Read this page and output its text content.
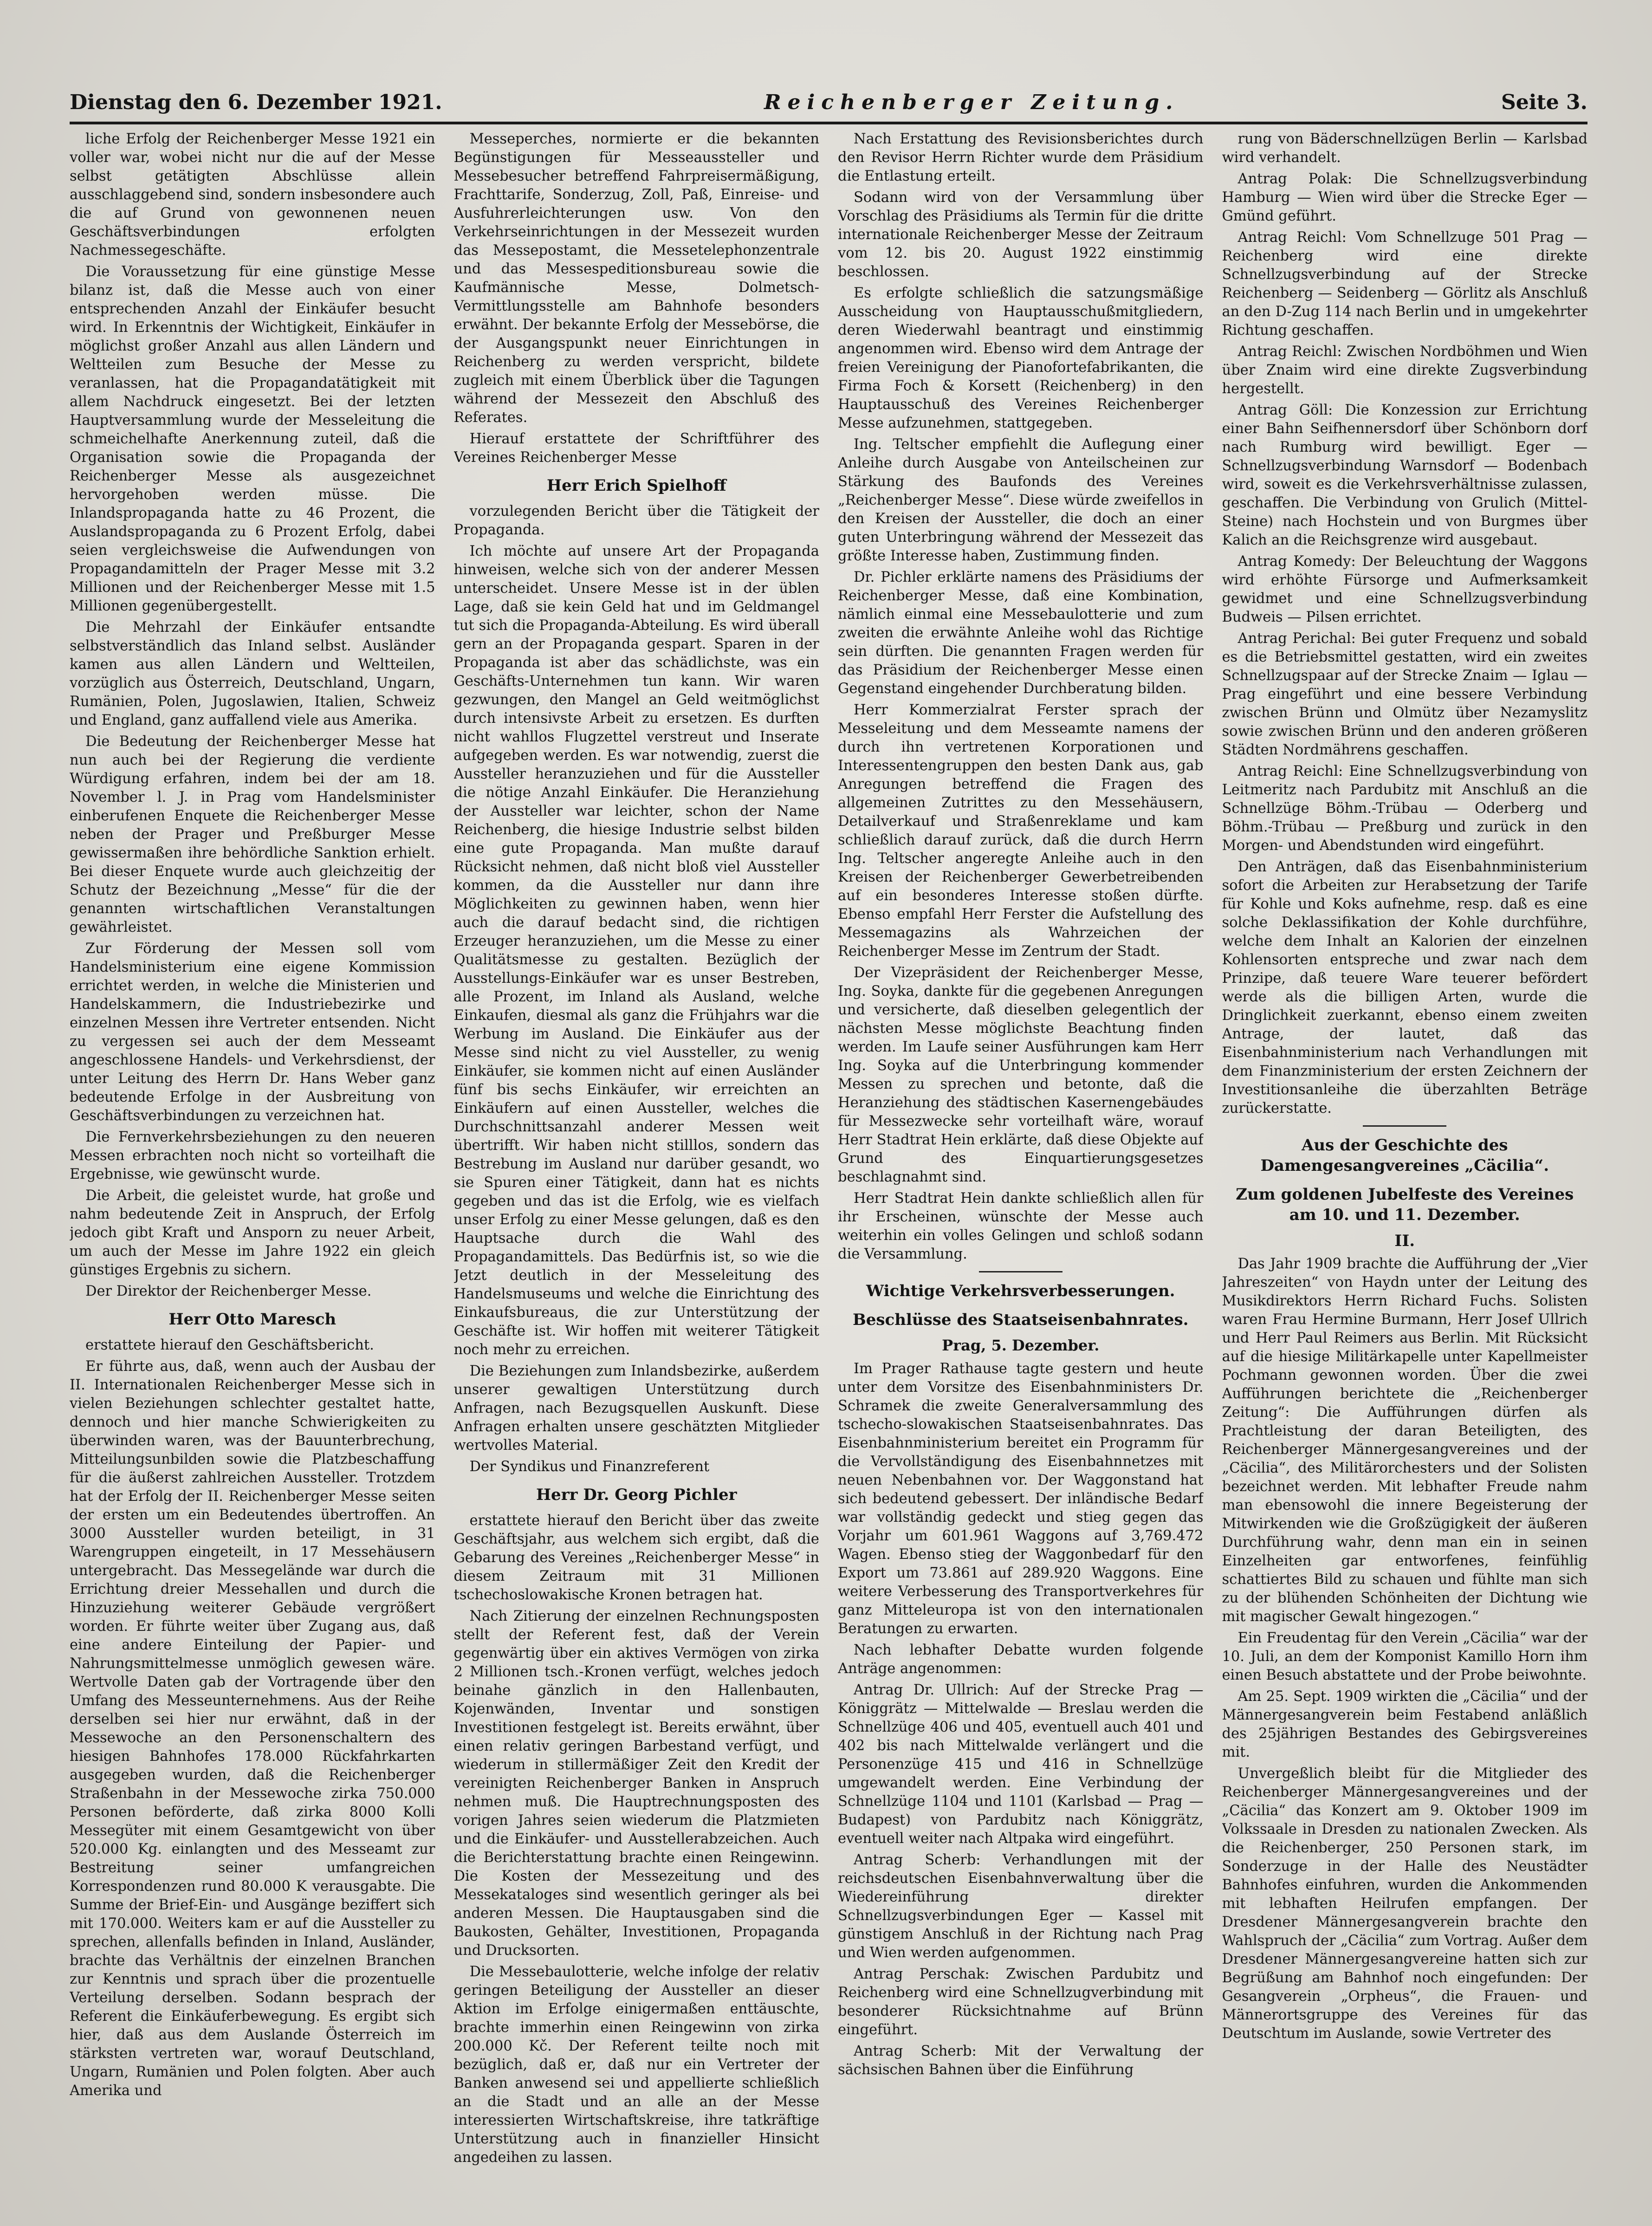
Dienstag den 6. Dezember 1921.	Reichenberger Zeitung.	Seite 3.

liche Erfolg der Reichenberger Messe 1921 ein voller war, wobei nicht nur die auf der Messe selbst getätigten Abschlüsse allein ausschlaggebend sind, sondern insbesondere auch die auf Grund von gewonnenen neuen Geschäftsverbindungen erfolgten Nachmessegeschäfte.

Die Voraussetzung für eine günstige Messe bilanz ist, daß die Messe auch von einer entsprechenden Anzahl der Einkäufer besucht wird. In Erkenntnis der Wichtigkeit, Einkäufer in möglichst großer Anzahl aus allen Ländern und Weltteilen zum Besuche der Messe zu veranlassen, hat die Propagandatätigkeit mit allem Nachdruck eingesetzt. Bei der letzten Hauptversammlung wurde der Messeleitung die schmeichelhafte Anerkennung zuteil, daß die Organisation sowie die Propaganda der Reichenberger Messe als ausgezeichnet hervorgehoben werden müsse. Die Inlandspropaganda hatte zu 46 Prozent, die Auslandspropaganda zu 6 Prozent Erfolg, dabei seien vergleichsweise die Aufwendungen von Propagandamitteln der Prager Messe mit 3.2 Millionen und der Reichenberger Messe mit 1.5 Millionen gegenübergestellt.

Die Mehrzahl der Einkäufer entsandte selbstverständlich das Inland selbst. Ausländer kamen aus allen Ländern und Weltteilen, vorzüglich aus Österreich, Deutschland, Ungarn, Rumänien, Polen, Jugoslawien, Italien, Schweiz und England, ganz auffallend viele aus Amerika.

Die Bedeutung der Reichenberger Messe hat nun auch bei der Regierung die verdiente Würdigung erfahren, indem bei der am 18. November l. J. in Prag vom Handelsminister einberufenen Enquete die Reichenberger Messe neben der Prager und Preßburger Messe gewissermaßen ihre behördliche Sanktion erhielt. Bei dieser Enquete wurde auch gleichzeitig der Schutz der Bezeichnung „Messe“ für die der genannten wirtschaftlichen Veranstaltungen gewährleistet.

Zur Förderung der Messen soll vom Handelsministerium eine eigene Kommission errichtet werden, in welche die Ministerien und Handelskammern, die Industriebezirke und einzelnen Messen ihre Vertreter entsenden. Nicht zu vergessen sei auch der dem Messeamt angeschlossene Handels- und Verkehrsdienst, der unter Leitung des Herrn Dr. Hans Weber ganz bedeutende Erfolge in der Ausbreitung von Geschäftsverbindungen zu verzeichnen hat.

Die Fernverkehrsbeziehungen zu den neueren Messen erbrachten noch nicht so vorteilhaft die Ergebnisse, wie gewünscht wurde.

Die Arbeit, die geleistet wurde, hat große und nahm bedeutende Zeit in Anspruch, der Erfolg jedoch gibt Kraft und Ansporn zu neuer Arbeit, um auch der Messe im Jahre 1922 ein gleich günstiges Ergebnis zu sichern.

Der Direktor der Reichenberger Messe.

Herr Otto Maresch

erstattete hierauf den Geschäftsbericht.

Er führte aus, daß, wenn auch der Ausbau der II. Internationalen Reichenberger Messe sich in vielen Beziehungen schlechter gestaltet hatte, dennoch und hier manche Schwierigkeiten zu überwinden waren, was der Bauunterbrechung, Mitteilungsunbilden sowie die Platzbeschaffung für die äußerst zahlreichen Aussteller. Trotzdem hat der Erfolg der II. Reichenberger Messe seiten der ersten um ein Bedeutendes übertroffen. An 3000 Aussteller wurden beteiligt, in 31 Warengruppen eingeteilt, in 17 Messehäusern untergebracht. Das Messegelände war durch die Errichtung dreier Messehallen und durch die Hinzuziehung weiterer Gebäude vergrößert worden. Er führte weiter über Zugang aus, daß eine andere Einteilung der Papier- und Nahrungsmittelmesse unmöglich gewesen wäre. Wertvolle Daten gab der Vortragende über den Umfang des Messeunternehmens. Aus der Reihe derselben sei hier nur erwähnt, daß in der Messewoche an den Personenschaltern des hiesigen Bahnhofes 178.000 Rückfahrkarten ausgegeben wurden, daß die Reichenberger Straßenbahn in der Messewoche zirka 750.000 Personen beförderte, daß zirka 8000 Kolli Messegüter mit einem Gesamtgewicht von über 520.000 Kg. einlangten und des Messeamt zur Bestreitung seiner umfangreichen Korrespondenzen rund 80.000 K verausgabte. Die Summe der Brief-Ein- und Ausgänge beziffert sich mit 170.000. Weiters kam er auf die Aussteller zu sprechen, allenfalls befinden in Inland, Ausländer, brachte das Verhältnis der einzelnen Branchen zur Kenntnis und sprach über die prozentuelle Verteilung derselben. Sodann besprach der Referent die Einkäuferbewegung. Es ergibt sich hier, daß aus dem Auslande Österreich im stärksten vertreten war, worauf Deutschland, Ungarn, Rumänien und Polen folgten. Aber auch Amerika und

Messeperches, normierte er die bekannten Begünstigungen für Messeaussteller und Messebesucher betreffend Fahrpreisermäßigung, Frachttarife, Sonderzug, Zoll, Paß, Einreise- und Ausfuhrerleichterungen usw. Von den Verkehrseinrichtungen in der Messezeit wurden das Messepostamt, die Messetelephonzentrale und das Messespeditionsbureau sowie die Kaufmännische Messe, Dolmetsch-Vermittlungsstelle am Bahnhofe besonders erwähnt. Der bekannte Erfolg der Messebörse, die der Ausgangspunkt neuer Einrichtungen in Reichenberg zu werden verspricht, bildete zugleich mit einem Überblick über die Tagungen während der Messezeit den Abschluß des Referates.

Hierauf erstattete der Schriftführer des Vereines Reichenberger Messe

Herr Erich Spielhoff

vorzulegenden Bericht über die Tätigkeit der Propaganda.

Ich möchte auf unsere Art der Propaganda hinweisen, welche sich von der anderer Messen unterscheidet. Unsere Messe ist in der üblen Lage, daß sie kein Geld hat und im Geldmangel tut sich die Propaganda-Abteilung. Es wird überall gern an der Propaganda gespart. Sparen in der Propaganda ist aber das schädlichste, was ein Geschäfts-Unternehmen tun kann. Wir waren gezwungen, den Mangel an Geld weitmöglichst durch intensivste Arbeit zu ersetzen. Es durften nicht wahllos Flugzettel verstreut und Inserate aufgegeben werden. Es war notwendig, zuerst die Aussteller heranzuziehen und für die Aussteller die nötige Anzahl Einkäufer. Die Heranziehung der Aussteller war leichter, schon der Name Reichenberg, die hiesige Industrie selbst bilden eine gute Propaganda. Man mußte darauf Rücksicht nehmen, daß nicht bloß viel Aussteller kommen, da die Aussteller nur dann ihre Möglichkeiten zu gewinnen haben, wenn hier auch die darauf bedacht sind, die richtigen Erzeuger heranzuziehen, um die Messe zu einer Qualitätsmesse zu gestalten. Bezüglich der Ausstellungs-Einkäufer war es unser Bestreben, alle Prozent, im Inland als Ausland, welche Einkaufen, diesmal als ganz die Frühjahrs war die Werbung im Ausland. Die Einkäufer aus der Messe sind nicht zu viel Aussteller, zu wenig Einkäufer, sie kommen nicht auf einen Ausländer fünf bis sechs Einkäufer, wir erreichten an Einkäufern auf einen Aussteller, welches die Durchschnittsanzahl anderer Messen weit übertrifft. Wir haben nicht stilllos, sondern das Bestrebung im Ausland nur darüber gesandt, wo sie Spuren einer Tätigkeit, dann hat es nichts gegeben und das ist die Erfolg, wie es vielfach unser Erfolg zu einer Messe gelungen, daß es den Hauptsache durch die Wahl des Propagandamittels. Das Bedürfnis ist, so wie die Jetzt deutlich in der Messeleitung des Handelsmuseums und welche die Einrichtung des Einkaufsbureaus, die zur Unterstützung der Geschäfte ist. Wir hoffen mit weiterer Tätigkeit noch mehr zu erreichen.

Die Beziehungen zum Inlandsbezirke, außerdem unserer gewaltigen Unterstützung durch Anfragen, nach Bezugsquellen Auskunft. Diese Anfragen erhalten unsere geschätzten Mitglieder wertvolles Material.

Der Syndikus und Finanzreferent

Herr Dr. Georg Pichler

erstattete hierauf den Bericht über das zweite Geschäftsjahr, aus welchem sich ergibt, daß die Gebarung des Vereines „Reichenberger Messe“ in diesem Zeitraum mit 31 Millionen tschechoslowakische Kronen betragen hat.

Nach Zitierung der einzelnen Rechnungsposten stellt der Referent fest, daß der Verein gegenwärtig über ein aktives Vermögen von zirka 2 Millionen tsch.-Kronen verfügt, welches jedoch beinahe gänzlich in den Hallenbauten, Kojenwänden, Inventar und sonstigen Investitionen festgelegt ist. Bereits erwähnt, über einen relativ geringen Barbestand verfügt, und wiederum in stillermäßiger Zeit den Kredit der vereinigten Reichenberger Banken in Anspruch nehmen muß. Die Hauptrechnungsposten des vorigen Jahres seien wiederum die Platzmieten und die Einkäufer- und Ausstellerabzeichen. Auch die Berichterstattung brachte einen Reingewinn. Die Kosten der Messezeitung und des Messekataloges sind wesentlich geringer als bei anderen Messen. Die Hauptausgaben sind die Baukosten, Gehälter, Investitionen, Propaganda und Drucksorten.

Die Messebaulotterie, welche infolge der relativ geringen Beteiligung der Aussteller an dieser Aktion im Erfolge einigermaßen enttäuschte, brachte immerhin einen Reingewinn von zirka 200.000 Kč. Der Referent teilte noch mit bezüglich, daß er, daß nur ein Vertreter der Banken anwesend sei und appellierte schließlich an die Stadt und an alle an der Messe interessierten Wirtschaftskreise, ihre tatkräftige Unterstützung auch in finanzieller Hinsicht angedeihen zu lassen.

Nach Erstattung des Revisionsberichtes durch den Revisor Herrn Richter wurde dem Präsidium die Entlastung erteilt.

Sodann wird von der Versammlung über Vorschlag des Präsidiums als Termin für die dritte internationale Reichenberger Messe der Zeitraum vom 12. bis 20. August 1922 einstimmig beschlossen.

Es erfolgte schließlich die satzungsmäßige Ausscheidung von Hauptausschußmitgliedern, deren Wiederwahl beantragt und einstimmig angenommen wird. Ebenso wird dem Antrage der freien Vereinigung der Pianofortefabrikanten, die Firma Foch & Korsett (Reichenberg) in den Hauptausschuß des Vereines Reichenberger Messe aufzunehmen, stattgegeben.

Ing. Teltscher empfiehlt die Auflegung einer Anleihe durch Ausgabe von Anteilscheinen zur Stärkung des Baufonds des Vereines „Reichenberger Messe“. Diese würde zweifellos in den Kreisen der Aussteller, die doch an einer guten Unterbringung während der Messezeit das größte Interesse haben, Zustimmung finden.

Dr. Pichler erklärte namens des Präsidiums der Reichenberger Messe, daß eine Kombination, nämlich einmal eine Messebaulotterie und zum zweiten die erwähnte Anleihe wohl das Richtige sein dürften. Die genannten Fragen werden für das Präsidium der Reichenberger Messe einen Gegenstand eingehender Durchberatung bilden.

Herr Kommerzialrat Ferster sprach der Messeleitung und dem Messeamte namens der durch ihn vertretenen Korporationen und Interessentengruppen den besten Dank aus, gab Anregungen betreffend die Fragen des allgemeinen Zutrittes zu den Messehäusern, Detailverkauf und Straßenreklame und kam schließlich darauf zurück, daß die durch Herrn Ing. Teltscher angeregte Anleihe auch in den Kreisen der Reichenberger Gewerbetreibenden auf ein besonderes Interesse stoßen dürfte. Ebenso empfahl Herr Ferster die Aufstellung des Messemagazins als Wahrzeichen der Reichenberger Messe im Zentrum der Stadt.

Der Vizepräsident der Reichenberger Messe, Ing. Soyka, dankte für die gegebenen Anregungen und versicherte, daß dieselben gelegentlich der nächsten Messe möglichste Beachtung finden werden. Im Laufe seiner Ausführungen kam Herr Ing. Soyka auf die Unterbringung kommender Messen zu sprechen und betonte, daß die Heranziehung des städtischen Kasernengebäudes für Messezwecke sehr vorteilhaft wäre, worauf Herr Stadtrat Hein erklärte, daß diese Objekte auf Grund des Einquartierungsgesetzes beschlagnahmt sind.

Herr Stadtrat Hein dankte schließlich allen für ihr Erscheinen, wünschte der Messe auch weiterhin ein volles Gelingen und schloß sodann die Versammlung.

Wichtige Verkehrsverbesserungen.
Beschlüsse des Staatseisenbahnrates.
Prag, 5. Dezember.

Im Prager Rathause tagte gestern und heute unter dem Vorsitze des Eisenbahnministers Dr. Schramek die zweite Generalversammlung des tschecho-slowakischen Staatseisenbahnrates. Das Eisenbahnministerium bereitet ein Programm für die Vervollständigung des Eisenbahnnetzes mit neuen Nebenbahnen vor. Der Waggonstand hat sich bedeutend gebessert. Der inländische Bedarf war vollständig gedeckt und stieg gegen das Vorjahr um 601.961 Waggons auf 3,769.472 Wagen. Ebenso stieg der Waggonbedarf für den Export um 73.861 auf 289.920 Waggons. Eine weitere Verbesserung des Transportverkehres für ganz Mitteleuropa ist von den internationalen Beratungen zu erwarten.

Nach lebhafter Debatte wurden folgende Anträge angenommen:

Antrag Dr. Ullrich: Auf der Strecke Prag — Königgrätz — Mittelwalde — Breslau werden die Schnellzüge 406 und 405, eventuell auch 401 und 402 bis nach Mittelwalde verlängert und die Personenzüge 415 und 416 in Schnellzüge umgewandelt werden. Eine Verbindung der Schnellzüge 1104 und 1101 (Karlsbad — Prag — Budapest) von Pardubitz nach Königgrätz, eventuell weiter nach Altpaka wird eingeführt.

Antrag Scherb: Verhandlungen mit der reichsdeutschen Eisenbahnverwaltung über die Wiedereinführung direkter Schnellzugsverbindungen Eger — Kassel mit günstigem Anschluß in der Richtung nach Prag und Wien werden aufgenommen.

Antrag Perschak: Zwischen Pardubitz und Reichenberg wird eine Schnellzugverbindung mit besonderer Rücksichtnahme auf Brünn eingeführt.

Antrag Scherb: Mit der Verwaltung der sächsischen Bahnen über die Einführung

rung von Bäderschnellzügen Berlin — Karlsbad wird verhandelt.

Antrag Polak: Die Schnellzugsverbindung Hamburg — Wien wird über die Strecke Eger — Gmünd geführt.

Antrag Reichl: Vom Schnellzuge 501 Prag — Reichenberg wird eine direkte Schnellzugsverbindung auf der Strecke Reichenberg — Seidenberg — Görlitz als Anschluß an den D-Zug 114 nach Berlin und in umgekehrter Richtung geschaffen.

Antrag Reichl: Zwischen Nordböhmen und Wien über Znaim wird eine direkte Zugsverbindung hergestellt.

Antrag Göll: Die Konzession zur Errichtung einer Bahn Seifhennersdorf über Schönborn dorf nach Rumburg wird bewilligt. Eger — Schnellzugsverbindung Warnsdorf — Bodenbach wird, soweit es die Verkehrsverhältnisse zulassen, geschaffen. Die Verbindung von Grulich (Mittel-Steine) nach Hochstein und von Burgmes über Kalich an die Reichsgrenze wird ausgebaut.

Antrag Komedy: Der Beleuchtung der Waggons wird erhöhte Fürsorge und Aufmerksamkeit gewidmet und eine Schnellzugsverbindung Budweis — Pilsen errichtet.

Antrag Perichal: Bei guter Frequenz und sobald es die Betriebsmittel gestatten, wird ein zweites Schnellzugspaar auf der Strecke Znaim — Iglau — Prag eingeführt und eine bessere Verbindung zwischen Brünn und Olmütz über Nezamyslitz sowie zwischen Brünn und den anderen größeren Städten Nordmährens geschaffen.

Antrag Reichl: Eine Schnellzugsverbindung von Leitmeritz nach Pardubitz mit Anschluß an die Schnellzüge Böhm.-Trübau — Oderberg und Böhm.-Trübau — Preßburg und zurück in den Morgen- und Abendstunden wird eingeführt.

Den Anträgen, daß das Eisenbahnministerium sofort die Arbeiten zur Herabsetzung der Tarife für Kohle und Koks aufnehme, resp. daß es eine solche Deklassifikation der Kohle durchführe, welche dem Inhalt an Kalorien der einzelnen Kohlensorten entspreche und zwar nach dem Prinzipe, daß teuere Ware teuerer befördert werde als die billigen Arten, wurde die Dringlichkeit zuerkannt, ebenso einem zweiten Antrage, der lautet, daß das Eisenbahnministerium nach Verhandlungen mit dem Finanzministerium der ersten Zeichnern der Investitionsanleihe die überzahlten Beträge zurückerstatte.

Aus der Geschichte des Damengesangvereines „Cäcilia“.
Zum goldenen Jubelfeste des Vereines am 10. und 11. Dezember.
II.

Das Jahr 1909 brachte die Aufführung der „Vier Jahreszeiten“ von Haydn unter der Leitung des Musikdirektors Herrn Richard Fuchs. Solisten waren Frau Hermine Burmann, Herr Josef Ullrich und Herr Paul Reimers aus Berlin. Mit Rücksicht auf die hiesige Militärkapelle unter Kapellmeister Pochmann gewonnen worden. Über die zwei Aufführungen berichtete die „Reichenberger Zeitung“: Die Aufführungen dürfen als Prachtleistung der daran Beteiligten, des Reichenberger Männergesangvereines und der „Cäcilia“, des Militärorchesters und der Solisten bezeichnet werden. Mit lebhafter Freude nahm man ebensowohl die innere Begeisterung der Mitwirkenden wie die Großzügigkeit der äußeren Durchführung wahr, denn man ein in seinen Einzelheiten gar entworfenes, feinfühlig schattiertes Bild zu schauen und fühlte man sich zu der blühenden Schönheiten der Dichtung wie mit magischer Gewalt hingezogen.“

Ein Freudentag für den Verein „Cäcilia“ war der 10. Juli, an dem der Komponist Kamillo Horn ihm einen Besuch abstattete und der Probe beiwohnte.

Am 25. Sept. 1909 wirkten die „Cäcilia“ und der Männergesangverein beim Festabend anläßlich des 25jährigen Bestandes des Gebirgsvereines mit.

Unvergeßlich bleibt für die Mitglieder des Reichenberger Männergesangvereines und der „Cäcilia“ das Konzert am 9. Oktober 1909 im Volkssaale in Dresden zu nationalen Zwecken. Als die Reichenberger, 250 Personen stark, im Sonderzuge in der Halle des Neustädter Bahnhofes einfuhren, wurden die Ankommenden mit lebhaften Heilrufen empfangen. Der Dresdener Männergesangverein brachte den Wahlspruch der „Cäcilia“ zum Vortrag. Außer dem Dresdener Männergesangvereine hatten sich zur Begrüßung am Bahnhof noch eingefunden: Der Gesangverein „Orpheus“, die Frauen- und Männerortsgruppe des Vereines für das Deutschtum im Auslande, sowie Vertreter des
